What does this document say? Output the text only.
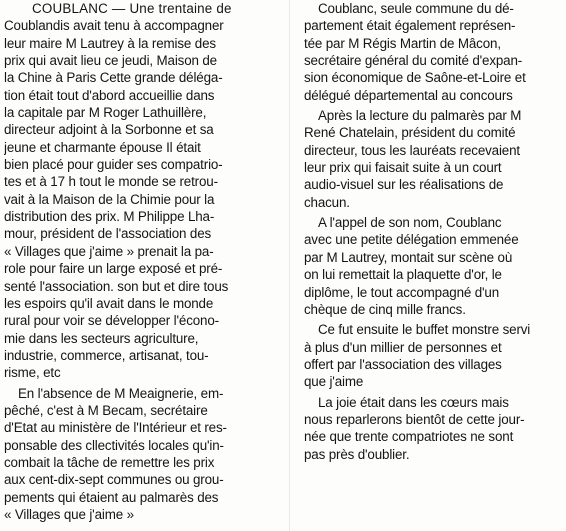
COUBLANC — Une trentaine de
Coublandis avait tenu à accompagner
leur maire M Lautrey à la remise des
prix qui avait lieu ce jeudi, Maison de
la Chine à Paris Cette grande déléga-
tion était tout d'abord accueillie dans
la capitale par M Roger Lathuillère,
directeur adjoint à la Sorbonne et sa
jeune et charmante épouse Il était
bien placé pour guider ses compatrio-
tes et à 17 h tout le monde se retrou-
vait à la Maison de la Chimie pour la
distribution des prix. M Philippe Lha-
mour, président de l'association des
« Villages que j'aime » prenait la pa-
role pour faire un large exposé et pré-
senté l'association. son but et dire tous
les espoirs qu'il avait dans le monde
rural pour voir se développer l'écono-
mie dans les secteurs agriculture,
industrie, commerce, artisanat, tou-
risme, etc
En l'absence de M Meaignerie, em-
pêché, c'est à M Becam, secrétaire
d'Etat au ministère de l'Intérieur et res-
ponsable des cllectivités locales qu'in-
combait la tâche de remettre les prix
aux cent-dix-sept communes ou grou-
pements qui étaient au palmarès des
« Villages que j'aime »
Coublanc, seule commune du dé-
partement était également représen-
tée par M Régis Martin de Mâcon,
secrétaire général du comité d'expan-
sion économique de Saône-et-Loire et
délégué départemental au concours
Après la lecture du palmarès par M
René Chatelain, président du comité
directeur, tous les lauréats recevaient
leur prix qui faisait suite à un court
audio-visuel sur les réalisations de
chacun.
A l'appel de son nom, Coublanc
avec une petite délégation emmenée
par M Lautrey, montait sur scène où
on lui remettait la plaquette d'or, le
diplôme, le tout accompagné d'un
chèque de cinq mille francs.
Ce fut ensuite le buffet monstre servi
à plus d'un millier de personnes et
offert par l'association des villages
que j'aime
La joie était dans les cœurs mais
nous reparlerons bientôt de cette jour-
née que trente compatriotes ne sont
pas près d'oublier.
